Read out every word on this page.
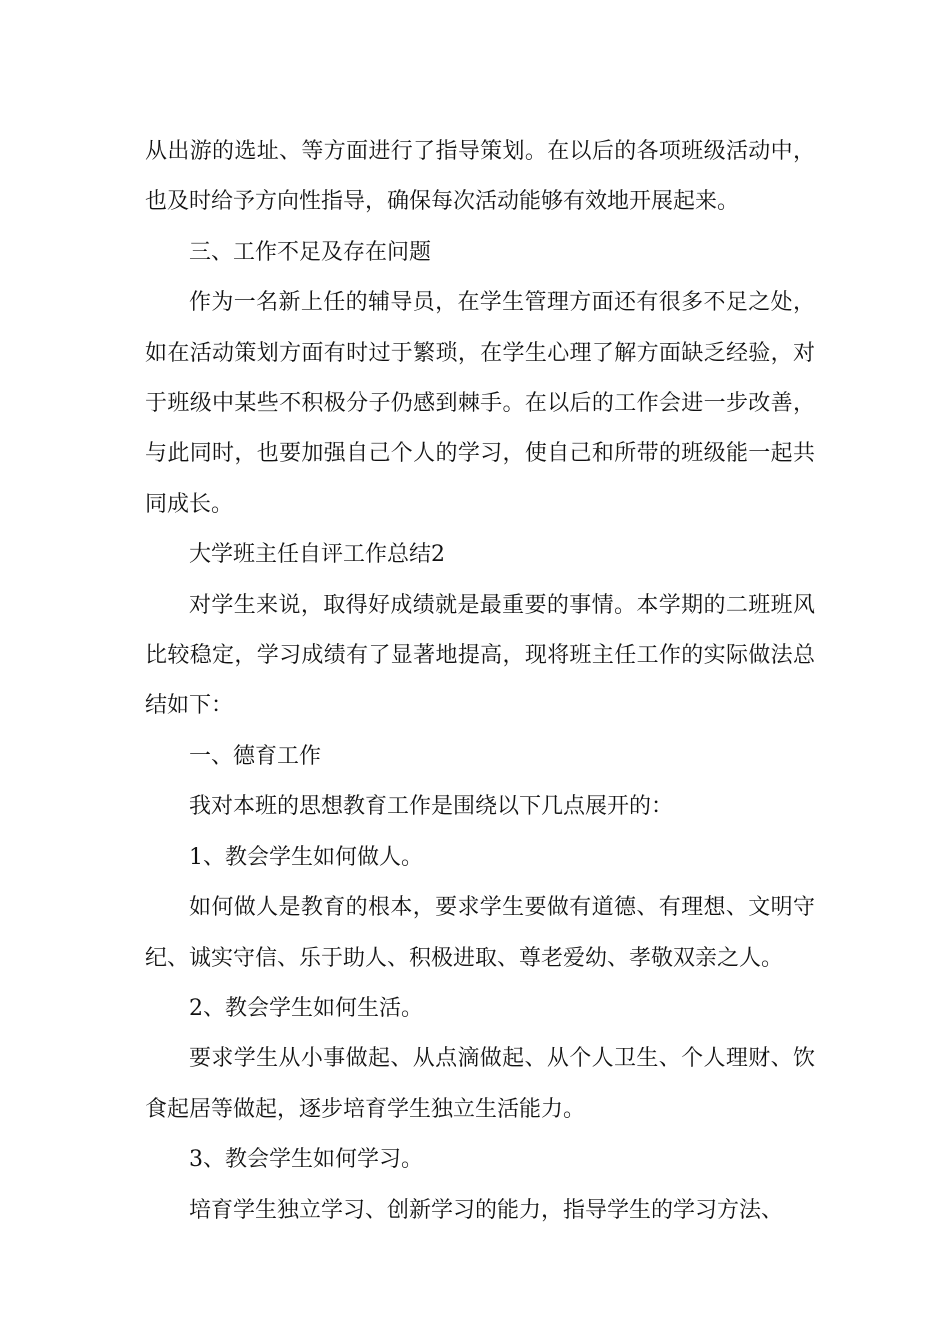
从出游的选址、等方面进行了指导策划。在以后的各项班级活动中，也及时给予方向性指导，确保每次活动能够有效地开展起来。

三、工作不足及存在问题

作为一名新上任的辅导员，在学生管理方面还有很多不足之处，如在活动策划方面有时过于繁琐，在学生心理了解方面缺乏经验，对于班级中某些不积极分子仍感到棘手。在以后的工作会进一步改善，与此同时，也要加强自己个人的学习，使自己和所带的班级能一起共同成长。

大学班主任自评工作总结2

对学生来说，取得好成绩就是最重要的事情。本学期的二班班风比较稳定，学习成绩有了显著地提高，现将班主任工作的实际做法总结如下：

一、德育工作

我对本班的思想教育工作是围绕以下几点展开的：

1、教会学生如何做人。

如何做人是教育的根本，要求学生要做有道德、有理想、文明守纪、诚实守信、乐于助人、积极进取、尊老爱幼、孝敬双亲之人。

2、教会学生如何生活。

要求学生从小事做起、从点滴做起、从个人卫生、个人理财、饮食起居等做起，逐步培育学生独立生活能力。

3、教会学生如何学习。

培育学生独立学习、创新学习的能力，指导学生的学习方法、
